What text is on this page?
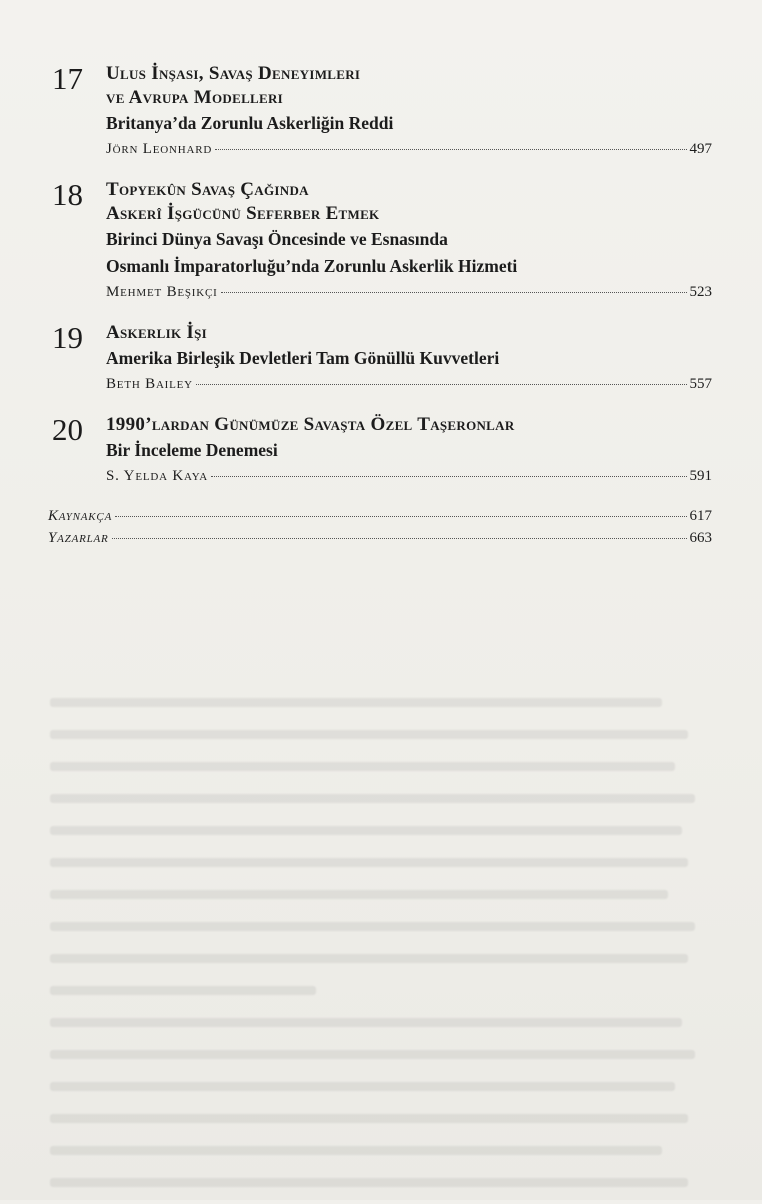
17 Ulus İnşası, Savaş Deneyimleri
ve Avrupa Modelleri
Britanya’da Zorunlu Askerliğin Reddi
Jörn Leonhard	497
18 Topyekûn Savaş Çağında
Askerî İşgücünü Seferber Etmek
Birinci Dünya Savaşı Öncesinde ve Esnasında
Osmanlı İmparatorluğu’nda Zorunlu Askerlik Hizmeti
Mehmet Beşikçi	523
19 Askerlik İşi
Amerika Birleşik Devletleri Tam Gönüllü Kuvvetleri
Beth Bailey	557
20 1990’lardan Günümüze Savaşta Özel Taşeronlar
Bir İnceleme Denemesi
S. Yelda Kaya	591
Kaynakça	617
Yazarlar	663
